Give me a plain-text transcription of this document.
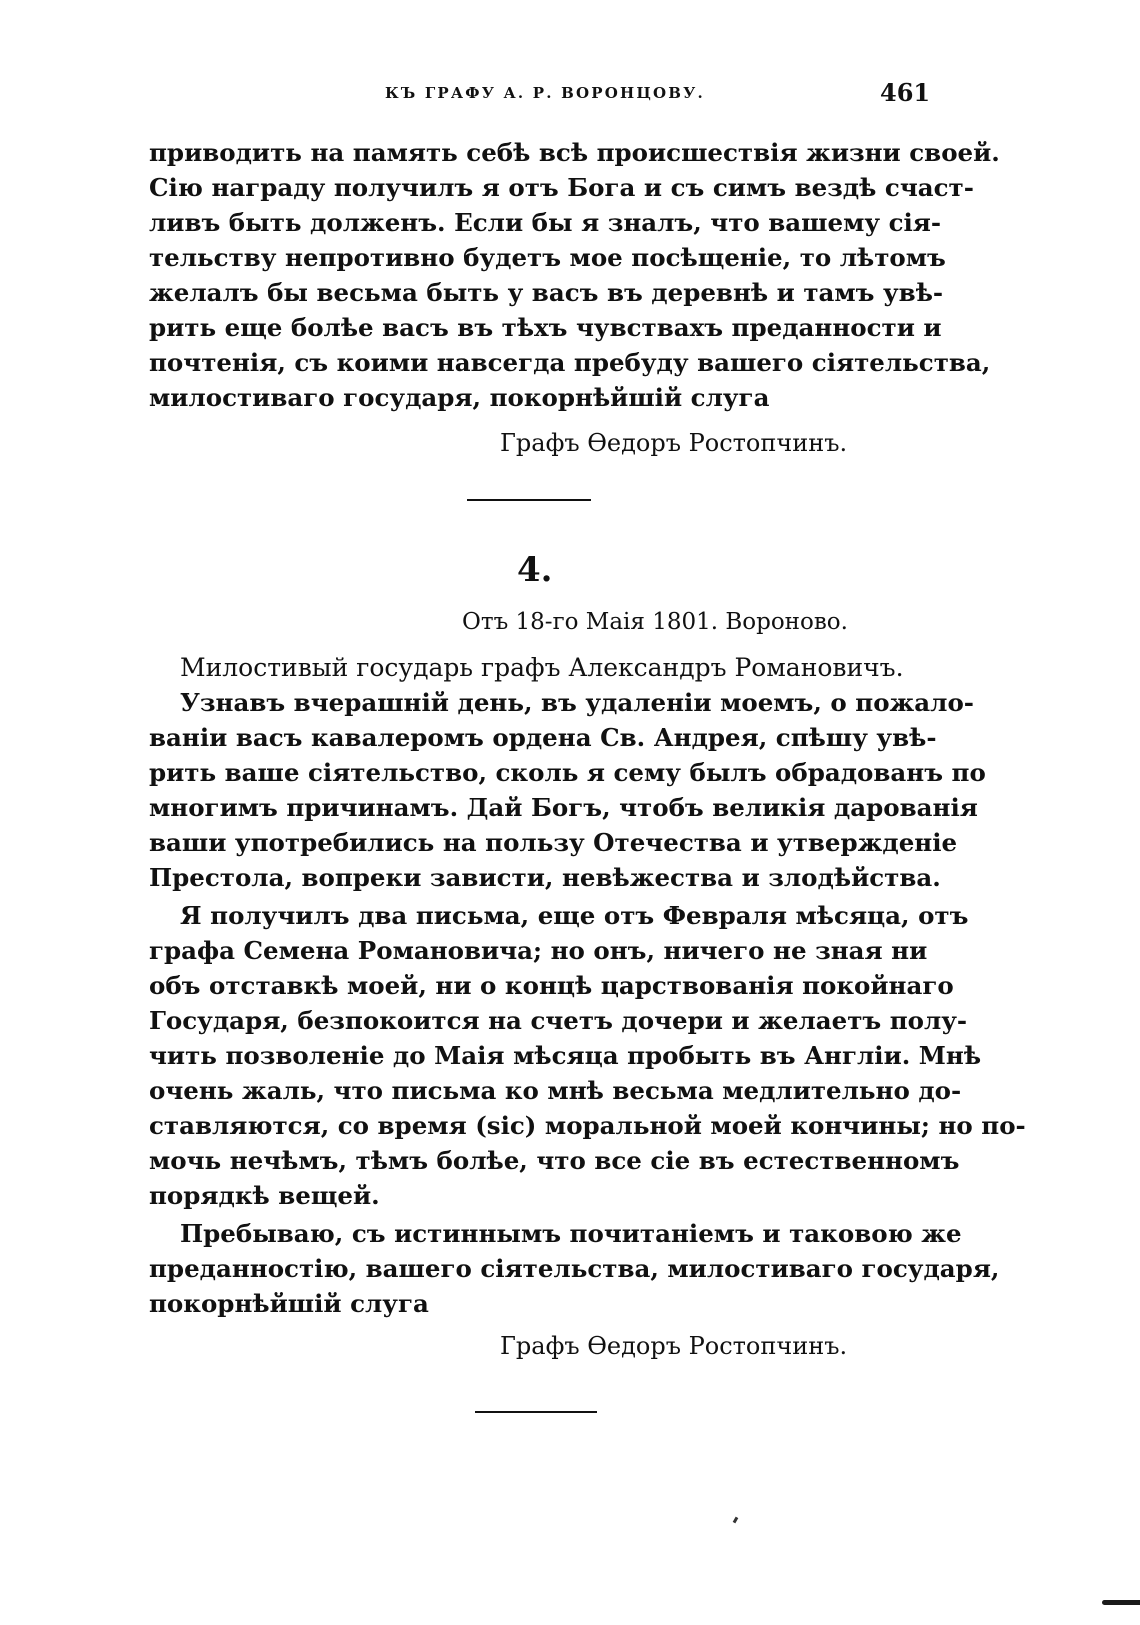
КЪ ГРАФУ А. Р. ВОРОНЦОВУ.	461
приводить на память себѣ всѣ происшествія жизни своей.
Сію награду получилъ я отъ Бога и съ симъ вездѣ счаст-
ливъ быть долженъ. Если бы я зналъ, что вашему сія-
тельству непротивно будетъ мое посѣщеніе, то лѣтомъ
желалъ бы весьма быть у васъ въ деревнѣ и тамъ увѣ-
рить еще болѣе васъ въ тѣхъ чувствахъ преданности и
почтенія, съ коими навсегда пребуду вашего сіятельства,
милостиваго государя, покорнѣйшій слуга
Графъ Ѳедоръ Ростопчинъ.
4.
Отъ 18-го Маія 1801. Вороново.
Милостивый государь графъ Александръ Романовичъ.
Узнавъ вчерашній день, въ удаленіи моемъ, о пожало-
ваніи васъ кавалеромъ ордена Св. Андрея, спѣшу увѣ-
рить ваше сіятельство, сколь я сему былъ обрадованъ по
многимъ причинамъ. Дай Богъ, чтобъ великія дарованія
ваши употребились на пользу Отечества и утвержденіе
Престола, вопреки зависти, невѣжества и злодѣйства.
Я получилъ два письма, еще отъ Февраля мѣсяца, отъ
графа Семена Романовича; но онъ, ничего не зная ни
объ отставкѣ моей, ни о концѣ царствованія покойнаго
Государя, безпокоится на счетъ дочери и желаетъ полу-
чить позволеніе до Маія мѣсяца пробыть въ Англіи. Мнѣ
очень жаль, что письма ко мнѣ весьма медлительно до-
ставляются, со время (sic) моральной моей кончины; но по-
мочь нечѣмъ, тѣмъ болѣе, что все сіе въ естественномъ
порядкѣ вещей.
Пребываю, съ истиннымъ почитаніемъ и таковою же
преданностію, вашего сіятельства, милостиваго государя,
покорнѣйшій слуга
Графъ Ѳедоръ Ростопчинъ.
